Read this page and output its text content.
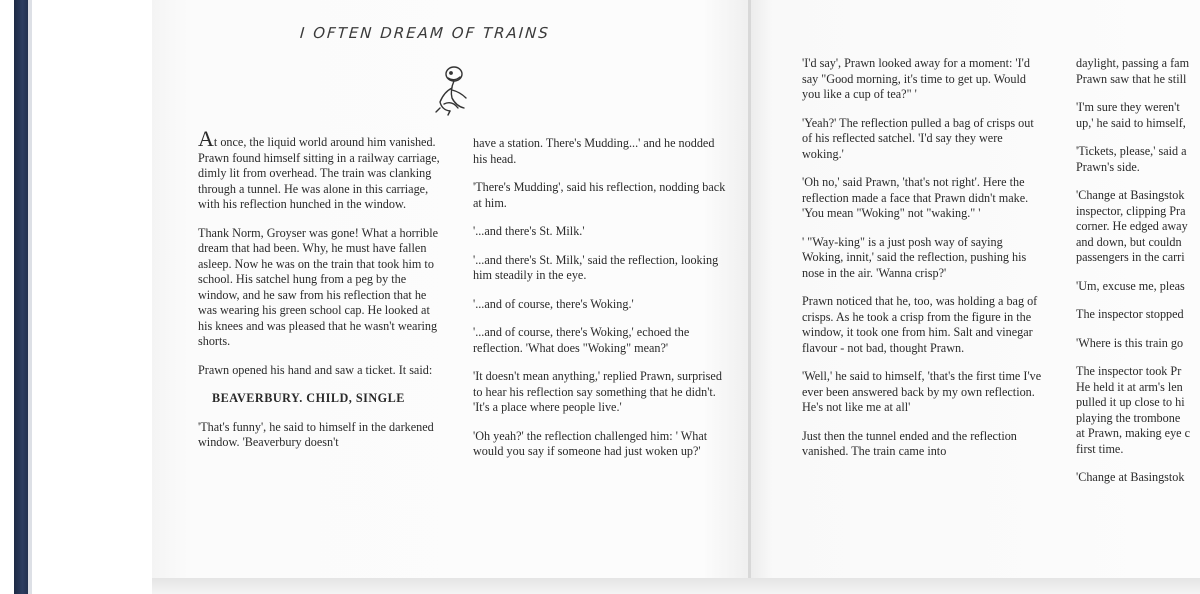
I OFTEN DREAM OF TRAINS

At once, the liquid world around him vanished. Prawn found himself sitting in a railway carriage, dimly lit from overhead. The train was clanking through a tunnel. He was alone in this carriage, with his reflection hunched in the window.

Thank Norm, Groyser was gone! What a horrible dream that had been. Why, he must have fallen asleep. Now he was on the train that took him to school. His satchel hung from a peg by the window, and he saw from his reflection that he was wearing his green school cap. He looked at his knees and was pleased that he wasn't wearing shorts.

Prawn opened his hand and saw a ticket. It said:

BEAVERBURY. CHILD, SINGLE

'That's funny', he said to himself in the darkened window. 'Beaverbury doesn't

have a station. There's Mudding...' and he nodded his head.

'There's Mudding', said his reflection, nodding back at him.

'...and there's St. Milk.'

'...and there's St. Milk,' said the reflection, looking him steadily in the eye.

'...and of course, there's Woking.'

'...and of course, there's Woking,' echoed the reflection. 'What does "Woking" mean?'

'It doesn't mean anything,' replied Prawn, surprised to hear his reflection say something that he didn't. 'It's a place where people live.'

'Oh yeah?' the reflection challenged him: ' What would you say if someone had just woken up?'

'I'd say', Prawn looked away for a moment: 'I'd say "Good morning, it's time to get up. Would you like a cup of tea?" '

'Yeah?' The reflection pulled a bag of crisps out of his reflected satchel. 'I'd say they were woking.'

'Oh no,' said Prawn, 'that's not right'. Here the reflection made a face that Prawn didn't make. 'You mean "Woking" not "waking." '

' "Way-king" is a just posh way of saying Woking, innit,' said the reflection, pushing his nose in the air. 'Wanna crisp?'

Prawn noticed that he, too, was holding a bag of crisps. As he took a crisp from the figure in the window, it took one from him. Salt and vinegar flavour - not bad, thought Prawn.

'Well,' he said to himself, 'that's the first time I've ever been answered back by my own reflection. He's not like me at all'

Just then the tunnel ended and the reflection vanished. The train came into

daylight, passing a fam
Prawn saw that he still

'I'm sure they weren't
up,' he said to himself,

'Tickets, please,' said a
Prawn's side.

'Change at Basingstok
inspector, clipping Pra
corner. He edged away
and down, but couldn
passengers in the carri

'Um, excuse me, pleas

The inspector stopped

'Where is this train go

The inspector took Pr
He held it at arm's len
pulled it up close to hi
playing the trombone
at Prawn, making eye c
first time.

'Change at Basingstok
